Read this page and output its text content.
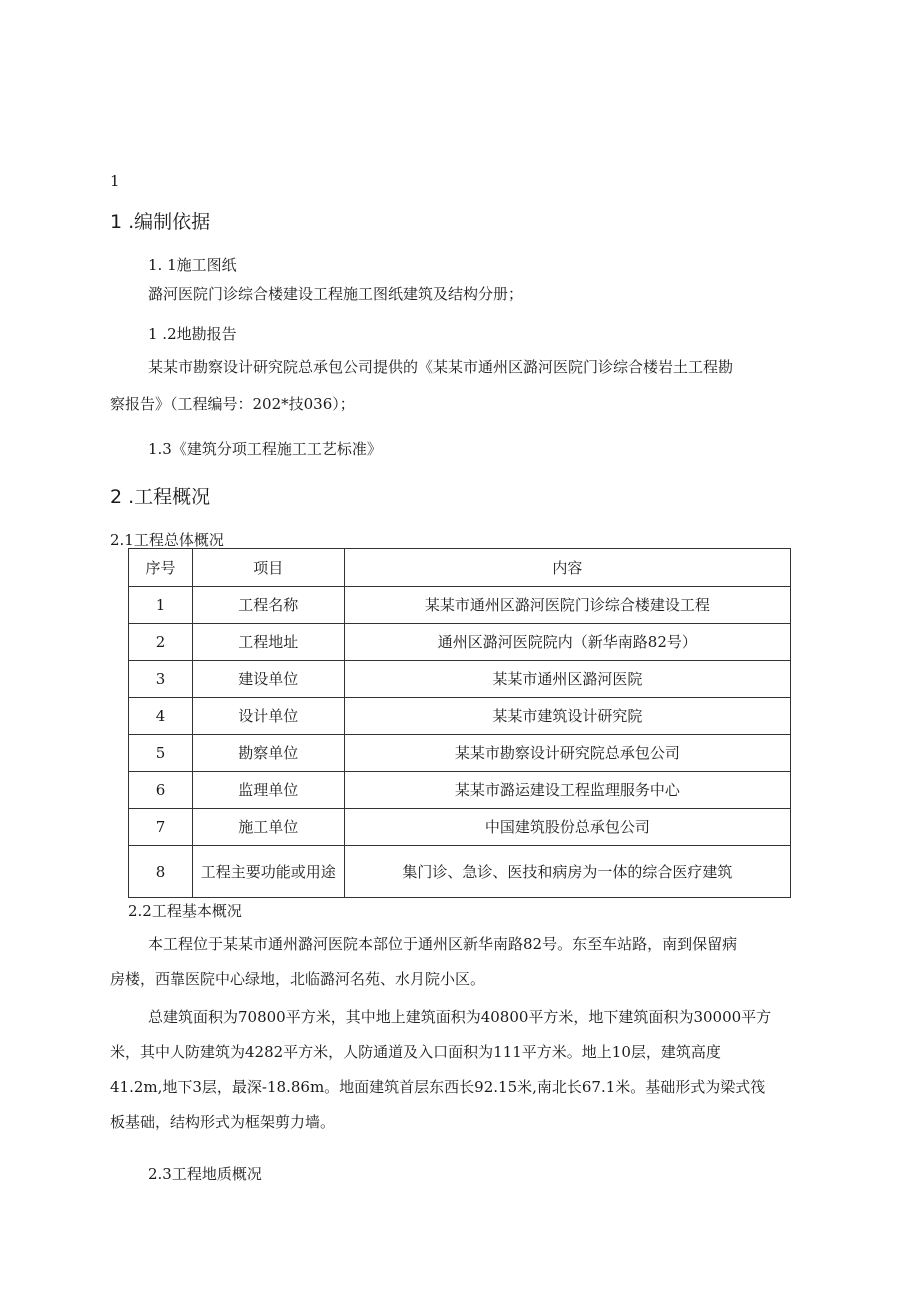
1
1 .编制依据
1. 1施工图纸
潞河医院门诊综合楼建设工程施工图纸建筑及结构分册；
1 .2地勘报告
某某市勘察设计研究院总承包公司提供的《某某市通州区潞河医院门诊综合楼岩土工程勘
察报告》（工程编号：202*技036）；
1.3《建筑分项工程施工工艺标准》
2 .工程概况
2.1工程总体概况
序号	项目	内容
1	工程名称	某某市通州区潞河医院门诊综合楼建设工程
2	工程地址	通州区潞河医院院内（新华南路82号）
3	建设单位	某某市通州区潞河医院
4	设计单位	某某市建筑设计研究院
5	勘察单位	某某市勘察设计研究院总承包公司
6	监理单位	某某市潞运建设工程监理服务中心
7	施工单位	中国建筑股份总承包公司
8	工程主要功能或用途	集门诊、急诊、医技和病房为一体的综合医疗建筑
2.2工程基本概况
本工程位于某某市通州潞河医院本部位于通州区新华南路82号。东至车站路，南到保留病
房楼，西靠医院中心绿地，北临潞河名苑、水月院小区。
总建筑面积为70800平方米，其中地上建筑面积为40800平方米，地下建筑面积为30000平方
米，其中人防建筑为4282平方米，人防通道及入口面积为111平方米。地上10层，建筑高度
41.2m,地下3层，最深-18.86m。地面建筑首层东西长92.15米,南北长67.1米。基础形式为梁式筏
板基础，结构形式为框架剪力墙。
2.3工程地质概况
